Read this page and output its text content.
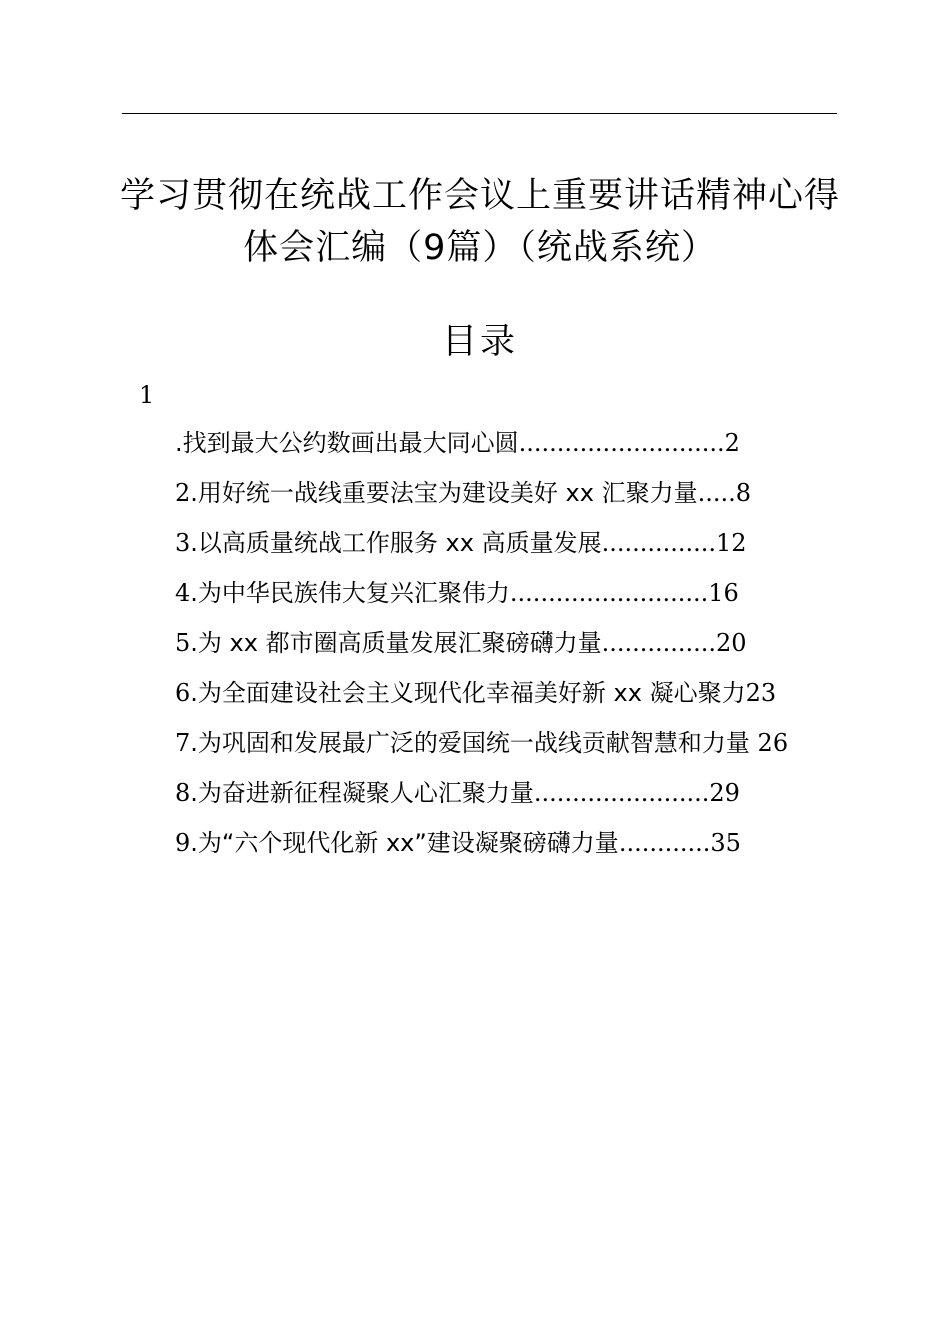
学习贯彻在统战工作会议上重要讲话精神心得
体会汇编（9篇）（统战系统）
目录
1
.找到最大公约数画出最大同心圆...........................2
2.用好统一战线重要法宝为建设美好 xx 汇聚力量.....8
3.以高质量统战工作服务 xx 高质量发展...............12
4.为中华民族伟大复兴汇聚伟力..........................16
5.为 xx 都市圈高质量发展汇聚磅礴力量...............20
6.为全面建设社会主义现代化幸福美好新 xx 凝心聚力23
7.为巩固和发展最广泛的爱国统一战线贡献智慧和力量 26
8.为奋进新征程凝聚人心汇聚力量.......................29
9.为“六个现代化新 xx”建设凝聚磅礴力量............35
